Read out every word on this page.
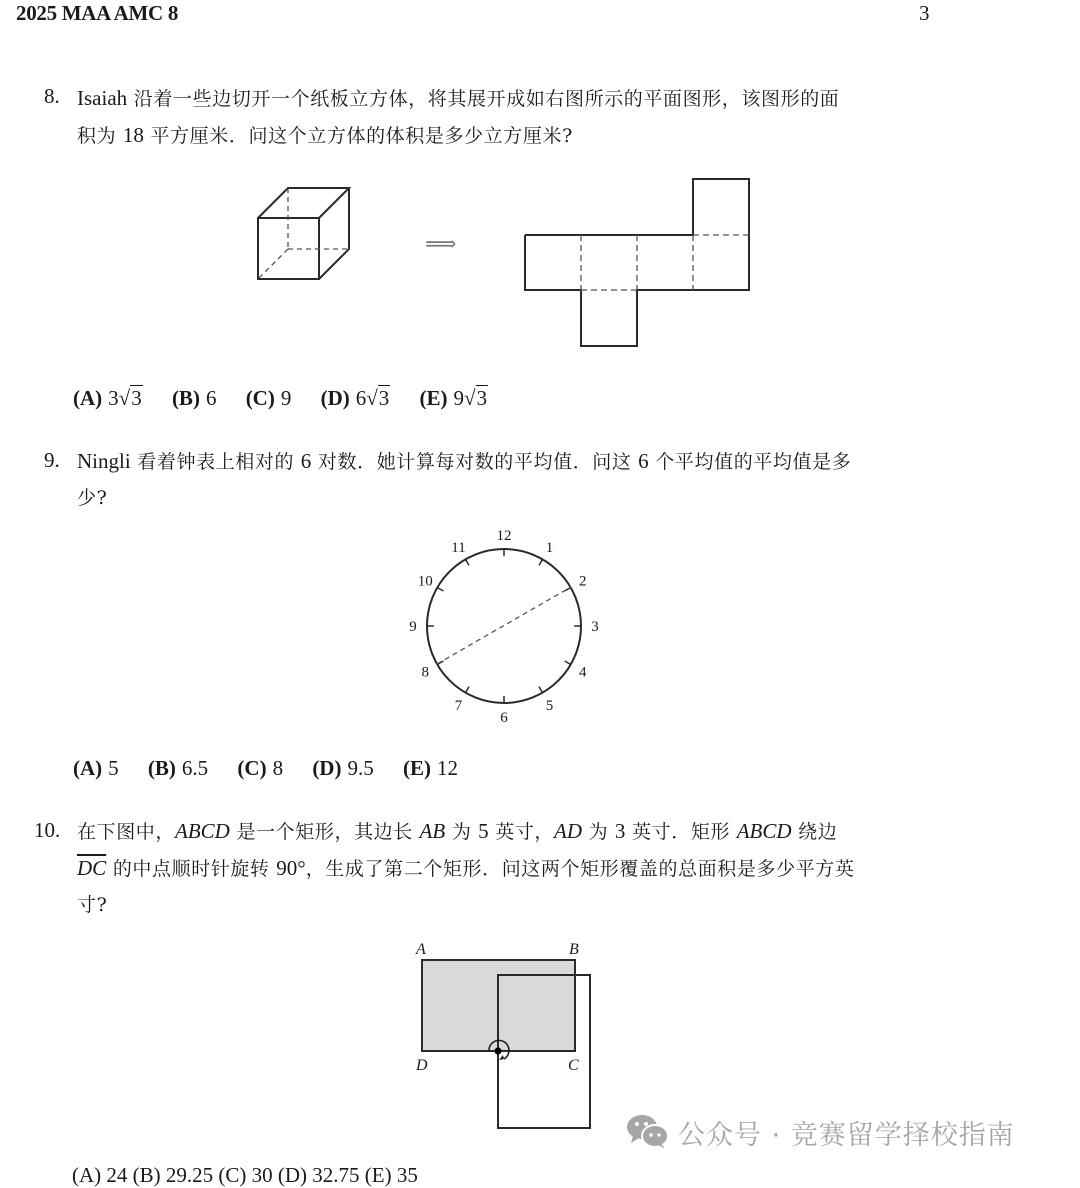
2025 MAA AMC 8	3
8. Isaiah 沿着一些边切开一个纸板立方体，将其展开成如右图所示的平面图形，该图形的面
积为 18 平方厘米．问这个立方体的体积是多少立方厘米?
⟹
(A) 3√3 (B) 6 (C) 9 (D) 6√3 (E) 9√3
9. Ningli 看着钟表上相对的 6 对数．她计算每对数的平均值．问这 6 个平均值的平均值是多
少?
12
1
2
3
4
5
6
7
8
9
10
11
(A) 5 (B) 6.5 (C) 8 (D) 9.5 (E) 12
10. 在下图中，ABCD 是一个矩形，其边长 AB 为 5 英寸，AD 为 3 英寸．矩形 ABCD 绕边
$\overline{DC}$ 的中点顺时针旋转 90°，生成了第二个矩形．问这两个矩形覆盖的总面积是多少平方英
寸?
A	B
D	C
(A) 24 (B) 29.25 (C) 30 (D) 32.75 (E) 35
公众号 · 竞赛留学择校指南
